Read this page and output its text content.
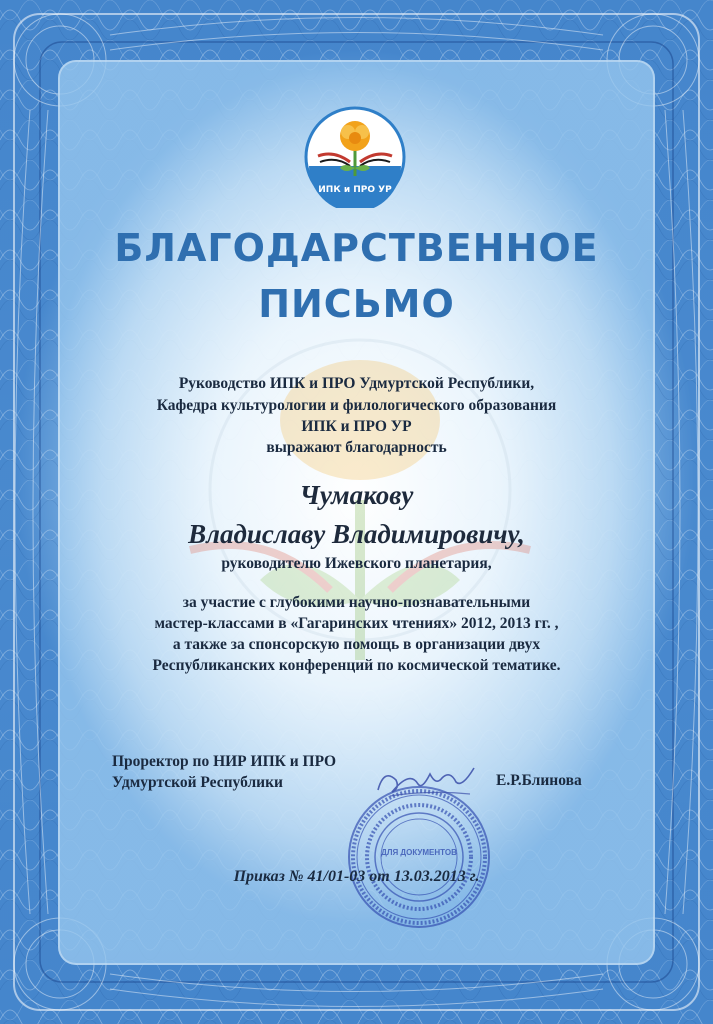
ИПК и ПРО УР
БЛАГОДАРСТВЕННОЕ
ПИСЬМО
Руководство ИПК и ПРО Удмуртской Республики,
Кафедра культурологии и филологического образования
ИПК и ПРО УР
выражают благодарность
Чумакову
Владиславу Владимировичу,
руководителю Ижевского планетария,
за участие с глубокими научно-познавательными
мастер-классами в «Гагаринских чтениях» 2012, 2013 гг. ,
а также за спонсорскую помощь в организации двух
Республиканских конференций по космической тематике.
Проректор по НИР ИПК и ПРО
Удмуртской Республики
ДЛЯ ДОКУМЕНТОВ
Е.Р.Блинова
Приказ № 41/01-03 от 13.03.2013 г.
